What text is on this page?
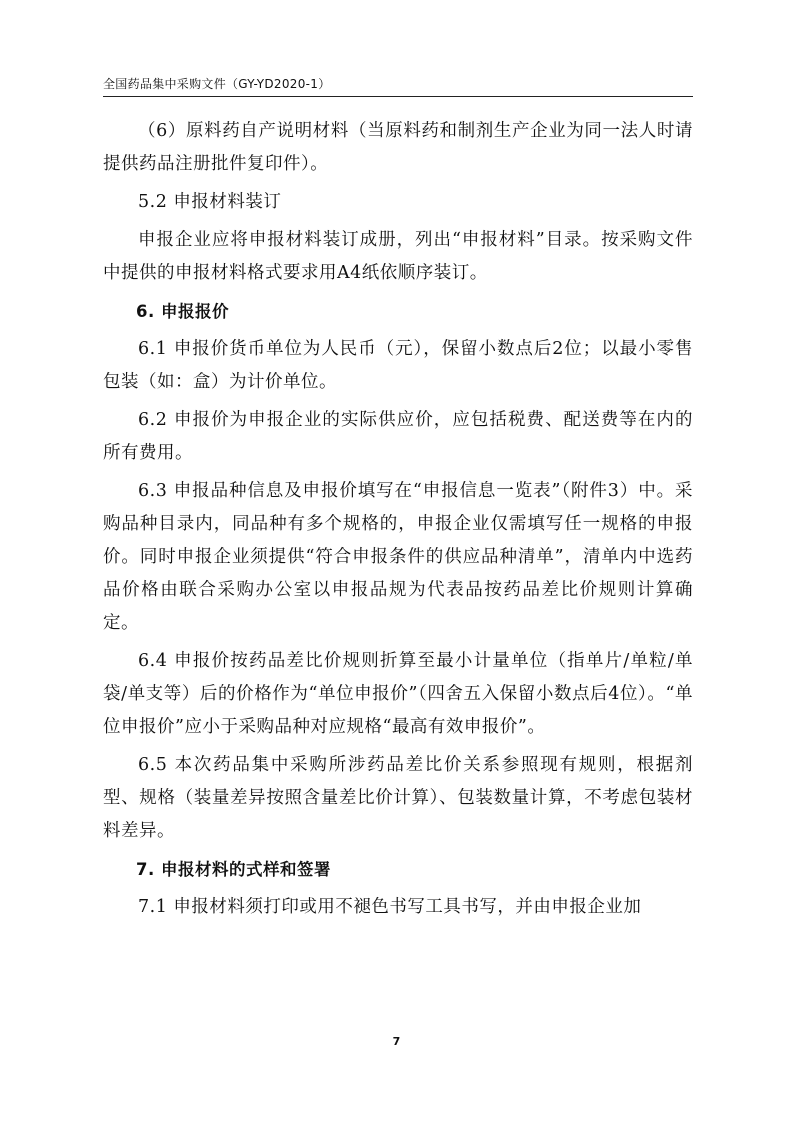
全国药品集中采购文件（GY-YD2020-1）

（6）原料药自产说明材料（当原料药和制剂生产企业为同一法人时请提供药品注册批件复印件）。

5.2 申报材料装订

申报企业应将申报材料装订成册，列出“申报材料”目录。按采购文件中提供的申报材料格式要求用A4纸依顺序装订。

6. 申报报价

6.1 申报价货币单位为人民币（元），保留小数点后2位；以最小零售包装（如：盒）为计价单位。

6.2 申报价为申报企业的实际供应价，应包括税费、配送费等在内的所有费用。

6.3 申报品种信息及申报价填写在“申报信息一览表”（附件3）中。采购品种目录内，同品种有多个规格的，申报企业仅需填写任一规格的申报价。同时申报企业须提供“符合申报条件的供应品种清单”，清单内中选药品价格由联合采购办公室以申报品规为代表品按药品差比价规则计算确定。

6.4 申报价按药品差比价规则折算至最小计量单位（指单片/单粒/单袋/单支等）后的价格作为“单位申报价”（四舍五入保留小数点后4位）。“单位申报价”应小于采购品种对应规格“最高有效申报价”。

6.5 本次药品集中采购所涉药品差比价关系参照现有规则，根据剂型、规格（装量差异按照含量差比价计算）、包装数量计算，不考虑包装材料差异。

7. 申报材料的式样和签署

7.1 申报材料须打印或用不褪色书写工具书写，并由申报企业加

7
